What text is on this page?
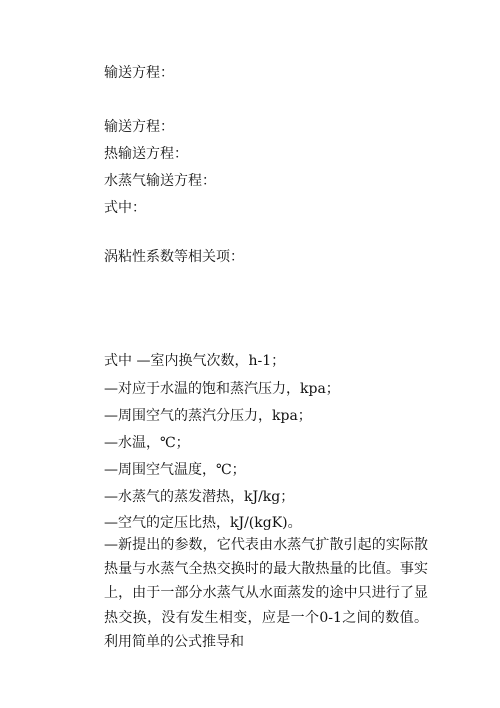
输送方程：
输送方程：
热输送方程：
水蒸气输送方程：
式中：
涡粘性系数等相关项：
式中 —室内换气次数，h-1；
—对应于水温的饱和蒸汽压力，kpa；
—周围空气的蒸汽分压力，kpa；
—水温，℃；
—周围空气温度，℃；
—水蒸气的蒸发潜热，kJ/kg；
—空气的定压比热，kJ/(kgK)。
—新提出的参数，它代表由水蒸气扩散引起的实际散热量与水蒸气全热交换时的最大散热量的比值。事实上，由于一部分水蒸气从水面蒸发的途中只进行了显热交换，没有发生相变，应是一个0-1之间的数值。利用简单的公式推导和
